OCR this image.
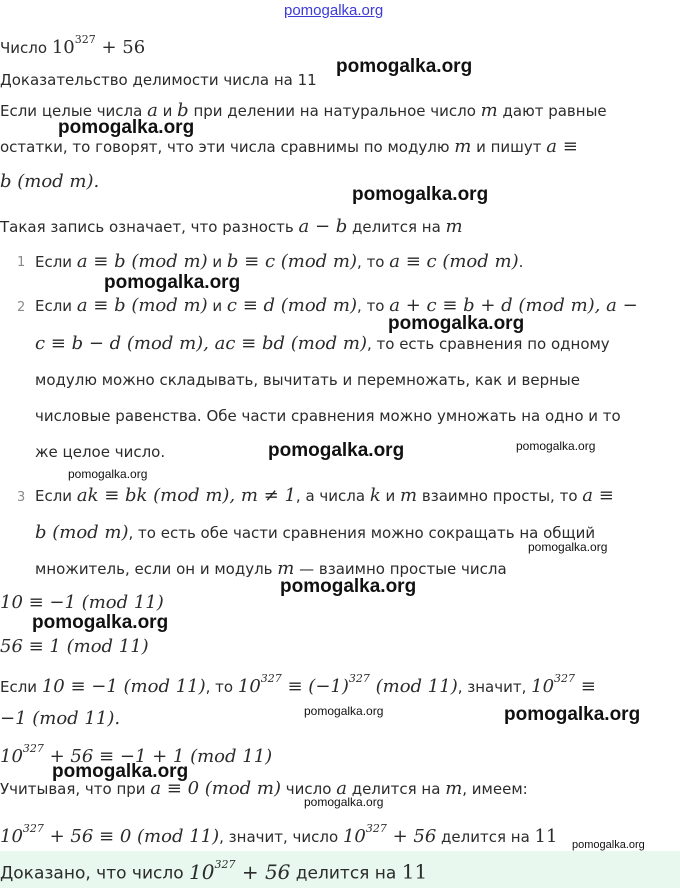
pomogalka.org
Число $10^{327} + 56$
Доказательство делимости числа на 11
Если целые числа a и b при делении на натуральное число m дают равные
остатки, то говорят, что эти числа сравнимы по модулю m и пишут a ≡
b (mod m).
Такая запись означает, что разность a − b делится на m
1 Если a ≡ b (mod m) и b ≡ c (mod m), то a ≡ c (mod m).
2 Если a ≡ b (mod m) и c ≡ d (mod m), то a + c ≡ b + d (mod m), a −
c ≡ b − d (mod m), ac ≡ bd (mod m), то есть сравнения по одному
модулю можно складывать, вычитать и перемножать, как и верные
числовые равенства. Обе части сравнения можно умножать на одно и то
же целое число.
3 Если ak ≡ bk (mod m), m ≠ 1, а числа k и m взаимно просты, то a ≡
b (mod m), то есть обе части сравнения можно сокращать на общий
множитель, если он и модуль m — взаимно простые числа
10 ≡ −1 (mod 11)
56 ≡ 1 (mod 11)
Если 10 ≡ −1 (mod 11), то $10^{327} \equiv (-1)^{327}$ (mod 11), значит, $10^{327}$ ≡
−1 (mod 11).
$10^{327} + 56 \equiv -1 + 1$ (mod 11)
Учитывая, что при a ≡ 0 (mod m) число a делится на m, имеем:
$10^{327} + 56 \equiv 0$ (mod 11), значит, число $10^{327} + 56$ делится на 11
Доказано, что число $10^{327} + 56$ делится на 11
pomogalka.org
pomogalka.org
pomogalka.org
pomogalka.org
pomogalka.org
pomogalka.org	pomogalka.org
pomogalka.org
pomogalka.org
pomogalka.org
pomogalka.org
pomogalka.org	pomogalka.org
pomogalka.org
pomogalka.org
pomogalka.org
